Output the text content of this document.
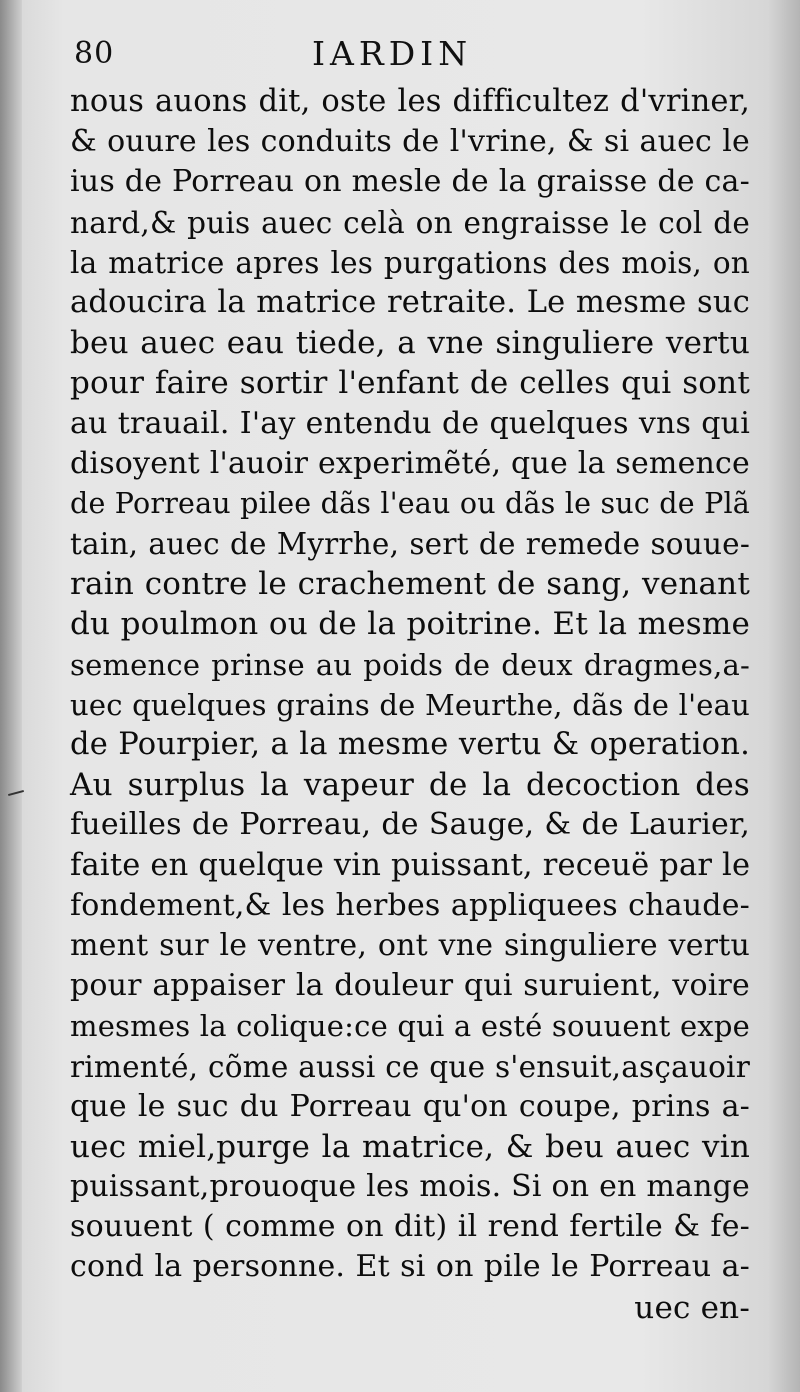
80	IARDIN
nous auons dit, oste les difficultez d'vriner,
& ouure les conduits de l'vrine, & si auec le
ius de Porreau on mesle de la graisse de ca-
nard,& puis auec celà on engraisse le col de
la matrice apres les purgations des mois, on
adoucira la matrice retraite. Le mesme suc
beu auec eau tiede, a vne singuliere vertu
pour faire sortir l'enfant de celles qui sont
au trauail. I'ay entendu de quelques vns qui
disoyent l'auoir experimẽté, que la semence
de Porreau pilee dãs l'eau ou dãs le suc de Plã
tain, auec de Myrrhe, sert de remede souue-
rain contre le crachement de sang, venant
du poulmon ou de la poitrine. Et la mesme
semence prinse au poids de deux dragmes,a-
uec quelques grains de Meurthe, dãs de l'eau
de Pourpier, a la mesme vertu & operation.
Au surplus la vapeur de la decoction des
fueilles de Porreau, de Sauge, & de Laurier,
faite en quelque vin puissant, receuë par le
fondement,& les herbes appliquees chaude-
ment sur le ventre, ont vne singuliere vertu
pour appaiser la douleur qui suruient, voire
mesmes la colique:ce qui a esté souuent expe
rimenté, cõme aussi ce que s'ensuit,asçauoir
que le suc du Porreau qu'on coupe, prins a-
uec miel,purge la matrice, & beu auec vin
puissant,prouoque les mois. Si on en mange
souuent ( comme on dit) il rend fertile & fe-
cond la personne. Et si on pile le Porreau a-
uec en-
